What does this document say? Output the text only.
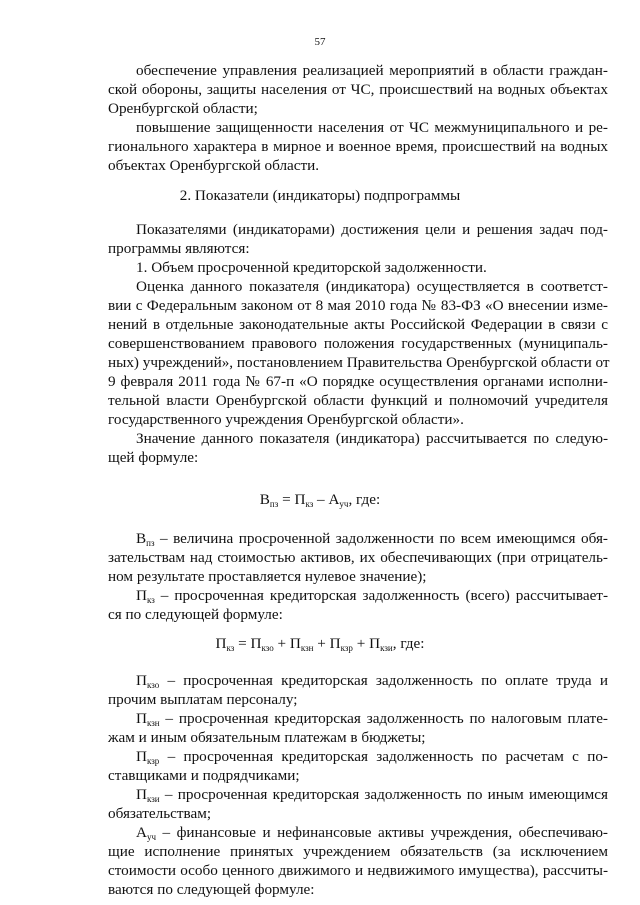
57
обеспечение управления реализацией мероприятий в области граждан-
ской обороны, защиты населения от ЧС, происшествий на водных объектах
Оренбургской области;
повышение защищенности населения от ЧС межмуниципального и ре-
гионального характера в мирное и военное время, происшествий на водных
объектах Оренбургской области.
2. Показатели (индикаторы) подпрограммы
Показателями (индикаторами) достижения цели и решения задач под-
программы являются:
1. Объем просроченной кредиторской задолженности.
Оценка данного показателя (индикатора) осуществляется в соответст-
вии с Федеральным законом от 8 мая 2010 года № 83-ФЗ «О внесении изме-
нений в отдельные законодательные акты Российской Федерации в связи с
совершенствованием правового положения государственных (муниципаль-
ных) учреждений», постановлением Правительства Оренбургской области от
9 февраля 2011 года № 67-п «О порядке осуществления органами исполни-
тельной власти Оренбургской области функций и полномочий учредителя
государственного учреждения Оренбургской области».
Значение данного показателя (индикатора) рассчитывается по следую-
щей формуле:
$В_{пз} = П_{кз} - А_{уч}$, где:
$В_{пз}$ – величина просроченной задолженности по всем имеющимся обя-
зательствам над стоимостью активов, их обеспечивающих (при отрицатель-
ном результате проставляется нулевое значение);
$П_{кз}$ – просроченная кредиторская задолженность (всего) рассчитывает-
ся по следующей формуле:
$П_{кз} = П_{кзо} + П_{кзн} + П_{кзр} + П_{кзи}$, где:
$П_{кзо}$ – просроченная кредиторская задолженность по оплате труда и
прочим выплатам персоналу;
$П_{кзн}$ – просроченная кредиторская задолженность по налоговым плате-
жам и иным обязательным платежам в бюджеты;
$П_{кзр}$ – просроченная кредиторская задолженность по расчетам с по-
ставщиками и подрядчиками;
$П_{кзи}$ – просроченная кредиторская задолженность по иным имеющимся
обязательствам;
$А_{уч}$ – финансовые и нефинансовые активы учреждения, обеспечиваю-
щие исполнение принятых учреждением обязательств (за исключением
стоимости особо ценного движимого и недвижимого имущества), рассчиты-
ваются по следующей формуле:
